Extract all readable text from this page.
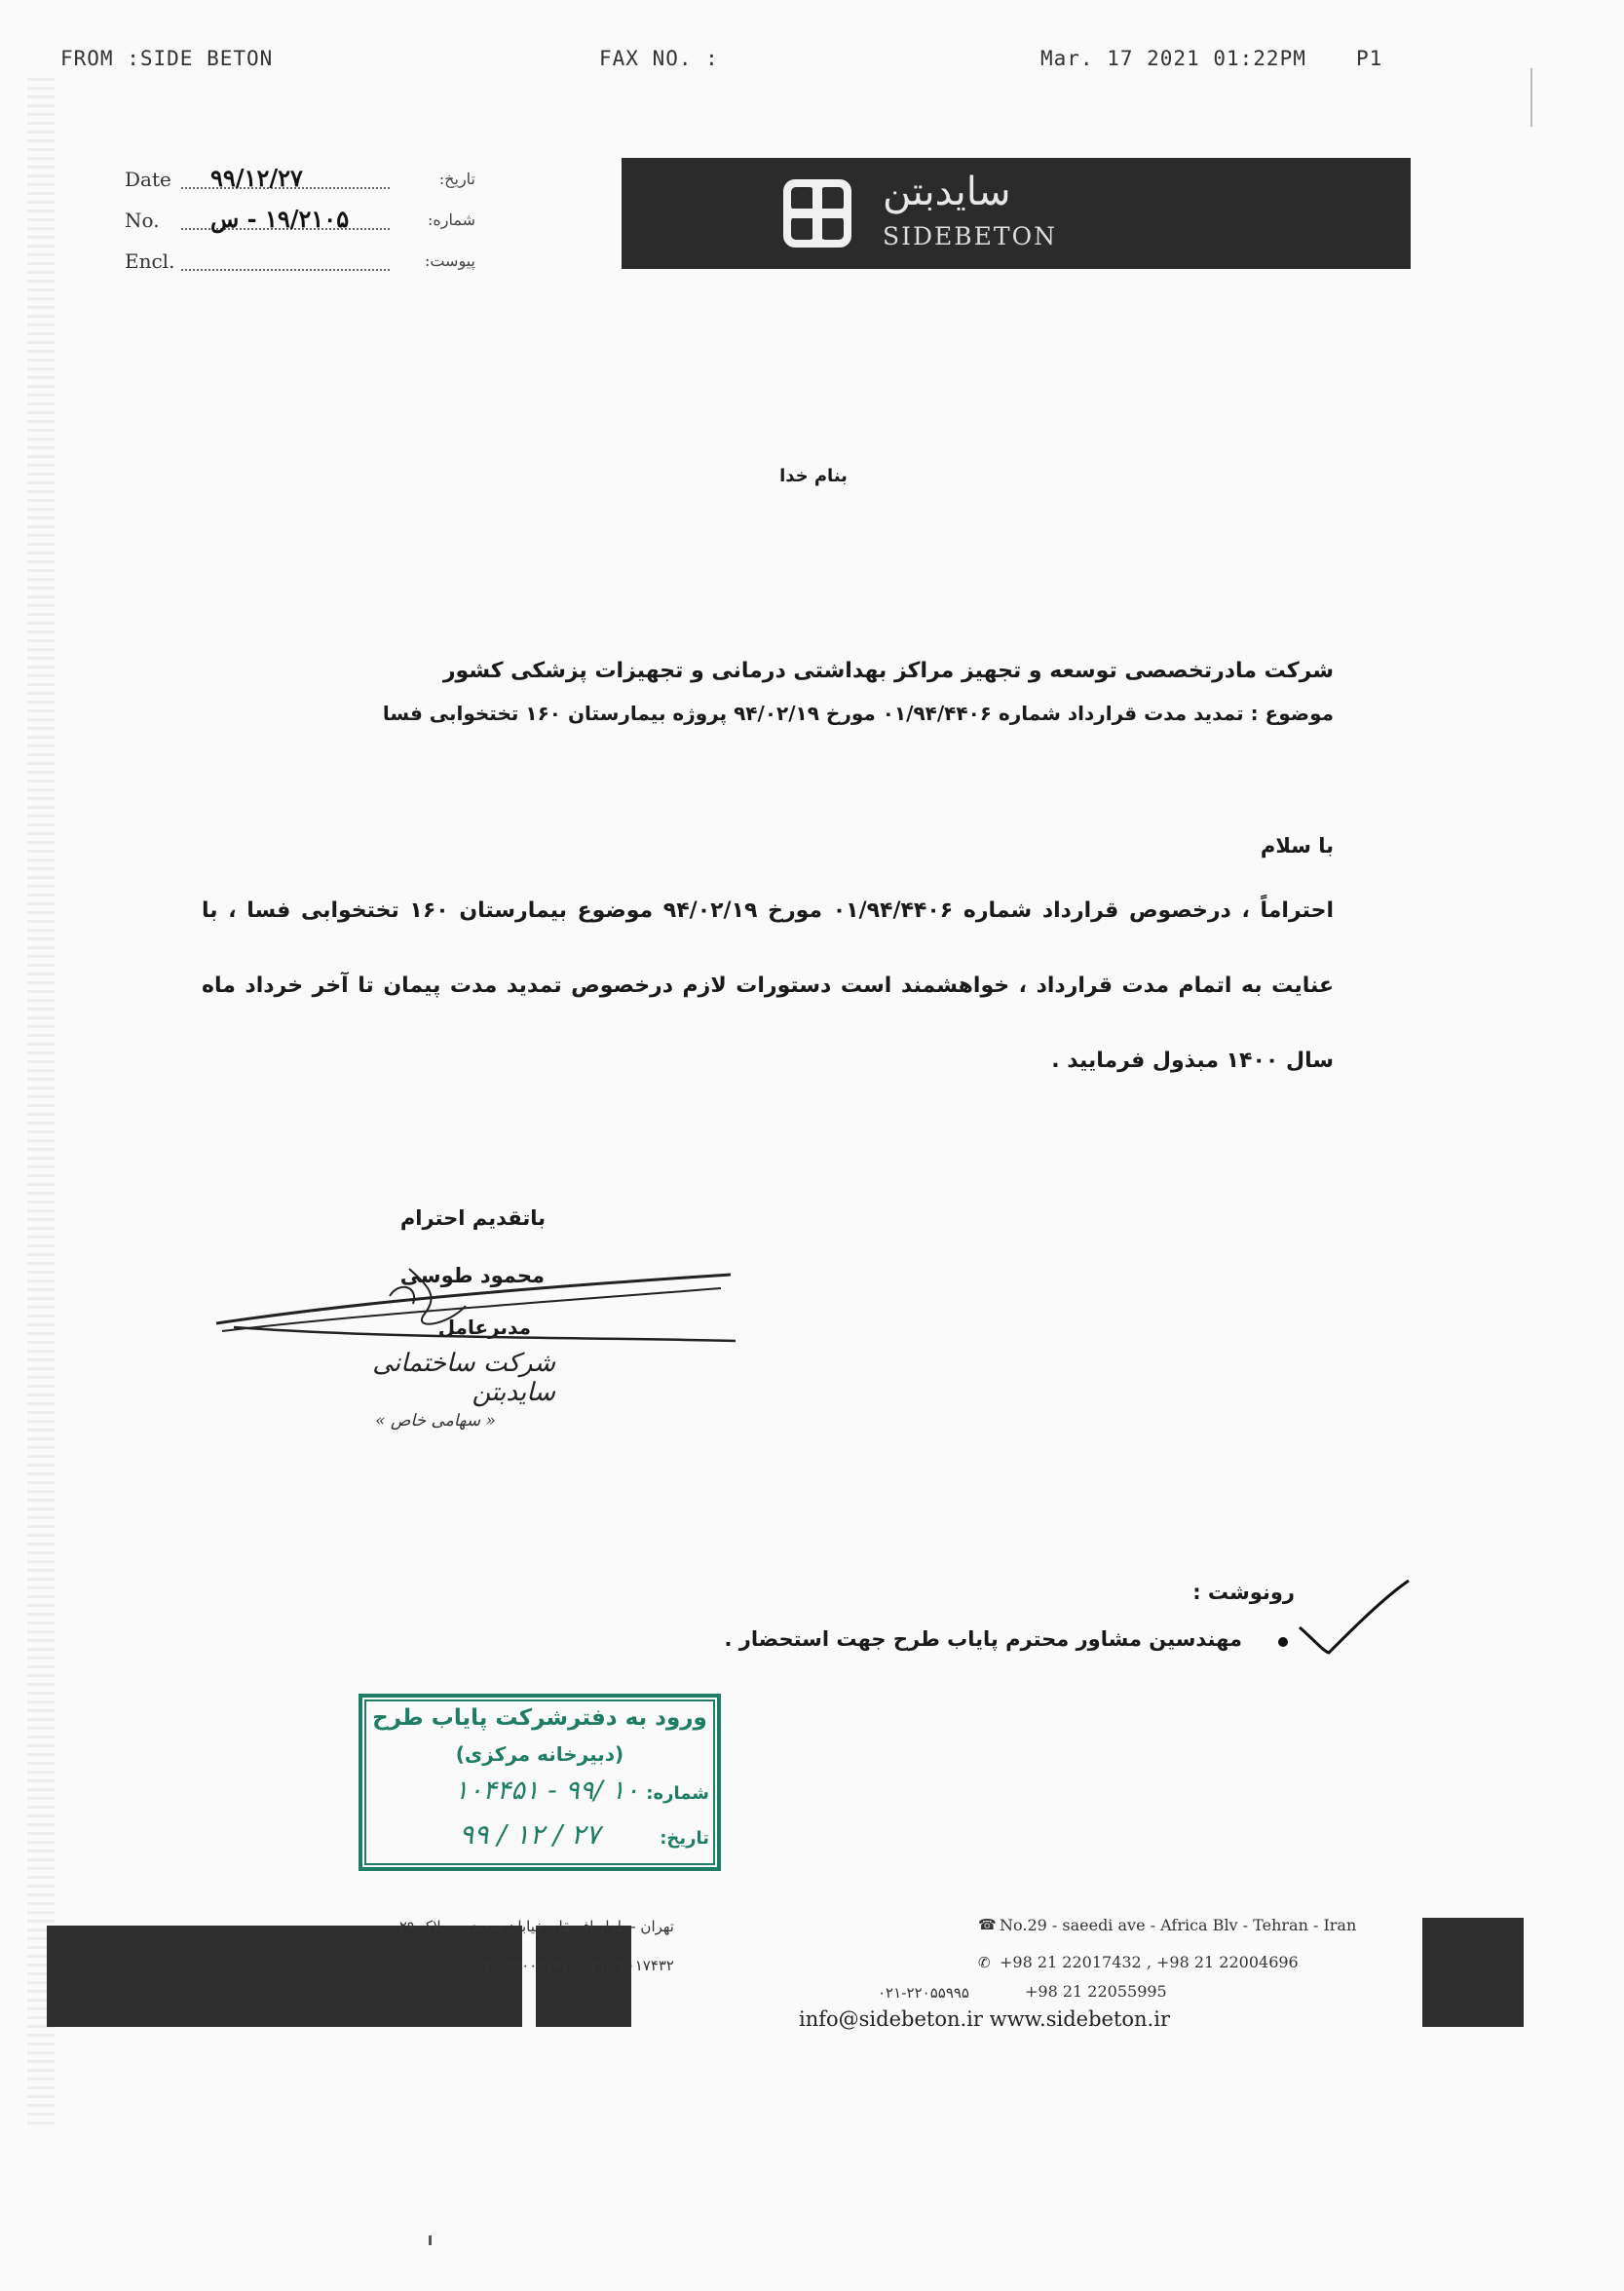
FROM :SIDE BETON	FAX NO. :	Mar. 17 2021 01:22PM P1
Date ۹۹/۱۲/۲۷	تاریخ:
No. ۱۹/۲۱۰۵ - س	شماره:
Encl.	پیوست:
سایدبتن
SIDEBETON
بنام خدا
شرکت مادرتخصصی توسعه و تجهیز مراکز بهداشتی درمانی و تجهیزات پزشکی کشور
موضوع : تمدید مدت قرارداد شماره ۰۱/۹۴/۴۴۰۶ مورخ ۹۴/۰۲/۱۹ پروژه بیمارستان ۱۶۰ تختخوابی فسا
با سلام
احتراماً ، درخصوص قرارداد شماره ۰۱/۹۴/۴۴۰۶ مورخ ۹۴/۰۲/۱۹ موضوع بیمارستان ۱۶۰ تختخوابی فسا ، با عنایت به اتمام مدت قرارداد ، خواهشمند است دستورات لازم درخصوص تمدید مدت پیمان تا آخر خرداد ماه سال ۱۴۰۰ مبذول فرمایید .
باتقدیم احترام
محمود طوسی
مدیرعامل
شرکت ساختمانی سایدبتن
« سهامی خاص »
رونوشت :
مهندسین مشاور محترم پایاب طرح جهت استحضار .
ورود به دفترشرکت پایاب طرح
(دبیرخانه مرکزی)
شماره:
۱۰۴۴۵۱ - ۹۹/ ۱۰
تاریخ:
۹۹ / ۱۲ / ۲۷
تهران - بلوار افریقا - خیابان سعیدی ، پلاک ۲۹	☎ No.29 - saeedi ave - Africa Blv - Tehran - Iran
۰۲۱-۲۲۰۱۷۴۳۲ ، ۰۲۱-۲۲۰۰۴۶۹۶	✆ +98 21 22017432 , +98 21 22004696
۰۲۱-۲۲۰۵۵۹۹۵	+98 21 22055995
info@sidebeton.ir www.sidebeton.ir
